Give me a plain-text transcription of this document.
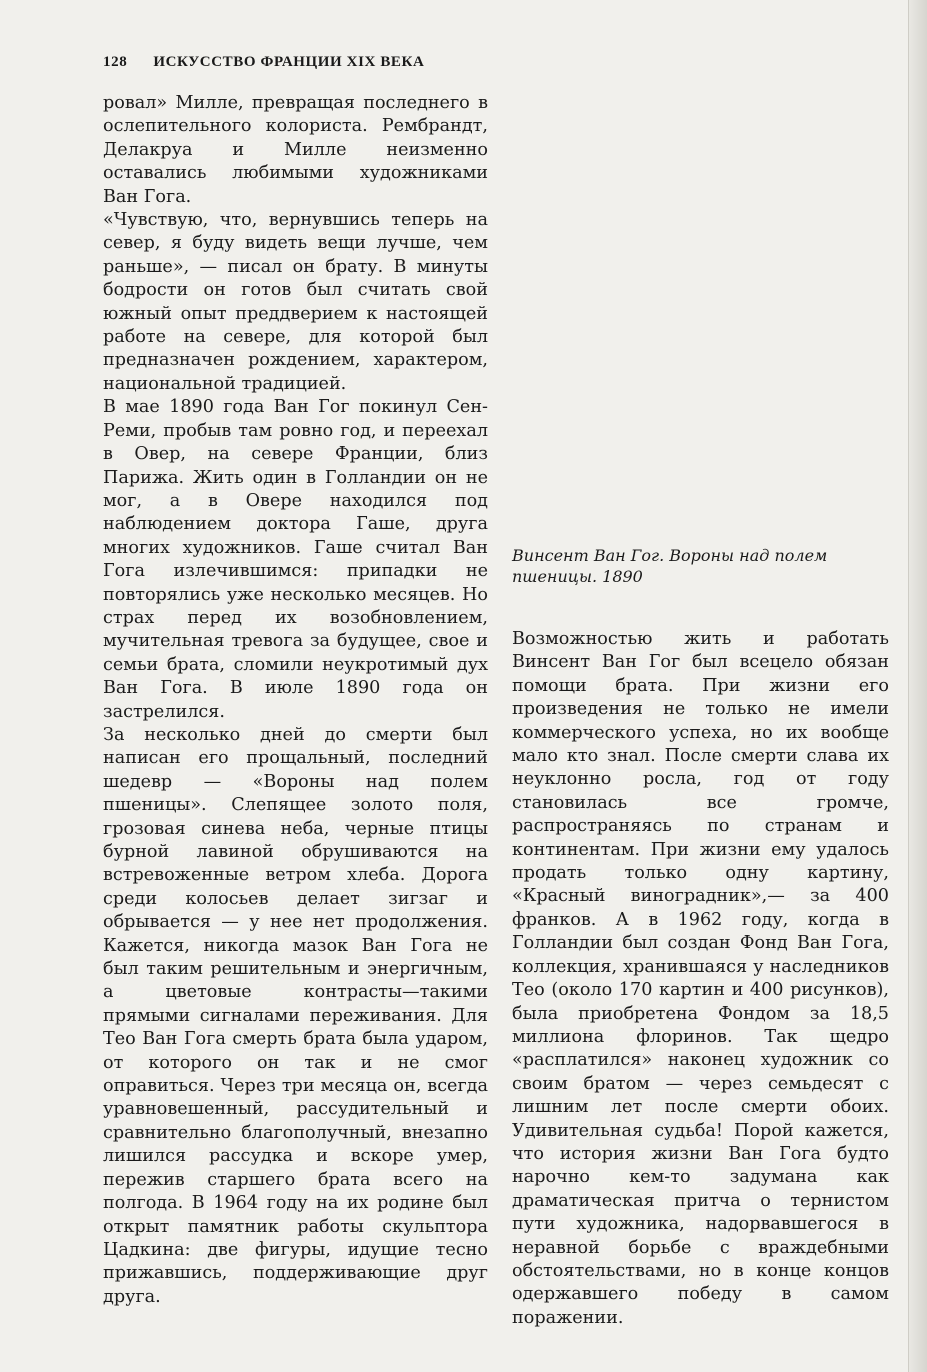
128 ИСКУССТВО ФРАНЦИИ XIX ВЕКА

ровал» Милле, превращая последнего в ослепительного колориста. Рембрандт, Делакруа и Милле неизменно оставались любимыми художниками Ван Гога.

«Чувствую, что, вернувшись теперь на север, я буду видеть вещи лучше, чем раньше», — писал он брату. В минуты бодрости он готов был считать свой южный опыт преддверием к настоящей работе на севере, для которой был предназначен рождением, характером, национальной традицией.

В мае 1890 года Ван Гог покинул Сен-Реми, пробыв там ровно год, и переехал в Овер, на севере Франции, близ Парижа. Жить один в Голландии он не мог, а в Овере находился под наблюдением доктора Гаше, друга многих художников. Гаше считал Ван Гога излечившимся: припадки не повторялись уже несколько месяцев. Но страх перед их возобновлением, мучительная тревога за будущее, свое и семьи брата, сломили неукротимый дух Ван Гога. В июле 1890 года он застрелился.

За несколько дней до смерти был написан его прощальный, последний шедевр — «Вороны над полем пшеницы». Слепящее золото поля, грозовая синева неба, черные птицы бурной лавиной обрушиваются на встревоженные ветром хлеба. Дорога среди колосьев делает зигзаг и обрывается — у нее нет продолжения. Кажется, никогда мазок Ван Гога не был таким решительным и энергичным, а цветовые контрасты—такими прямыми сигналами переживания. Для Тео Ван Гога смерть брата была ударом, от которого он так и не смог оправиться. Через три месяца он, всегда уравновешенный, рассудительный и сравнительно благополучный, внезапно лишился рассудка и вскоре умер, пережив старшего брата всего на полгода. В 1964 году на их родине был открыт памятник работы скульптора Цадкина: две фигуры, идущие тесно прижавшись, поддерживающие друг друга.

Винсент Ван Гог. Вороны над полем пшеницы. 1890

Возможностью жить и работать Винсент Ван Гог был всецело обязан помощи брата. При жизни его произведения не только не имели коммерческого успеха, но их вообще мало кто знал. После смерти слава их неуклонно росла, год от году становилась все громче, распространяясь по странам и континентам. При жизни ему удалось продать только одну картину, «Красный виноградник»,— за 400 франков. А в 1962 году, когда в Голландии был создан Фонд Ван Гога, коллекция, хранившаяся у наследников Тео (около 170 картин и 400 рисунков), была приобретена Фондом за 18,5 миллиона флоринов. Так щедро «расплатился» наконец художник со своим братом — через семьдесят с лишним лет после смерти обоих. Удивительная судьба! Порой кажется, что история жизни Ван Гога будто нарочно кем-то задумана как драматическая притча о тернистом пути художника, надорвавшегося в неравной борьбе с враждебными обстоятельствами, но в конце концов одержавшего победу в самом поражении.
